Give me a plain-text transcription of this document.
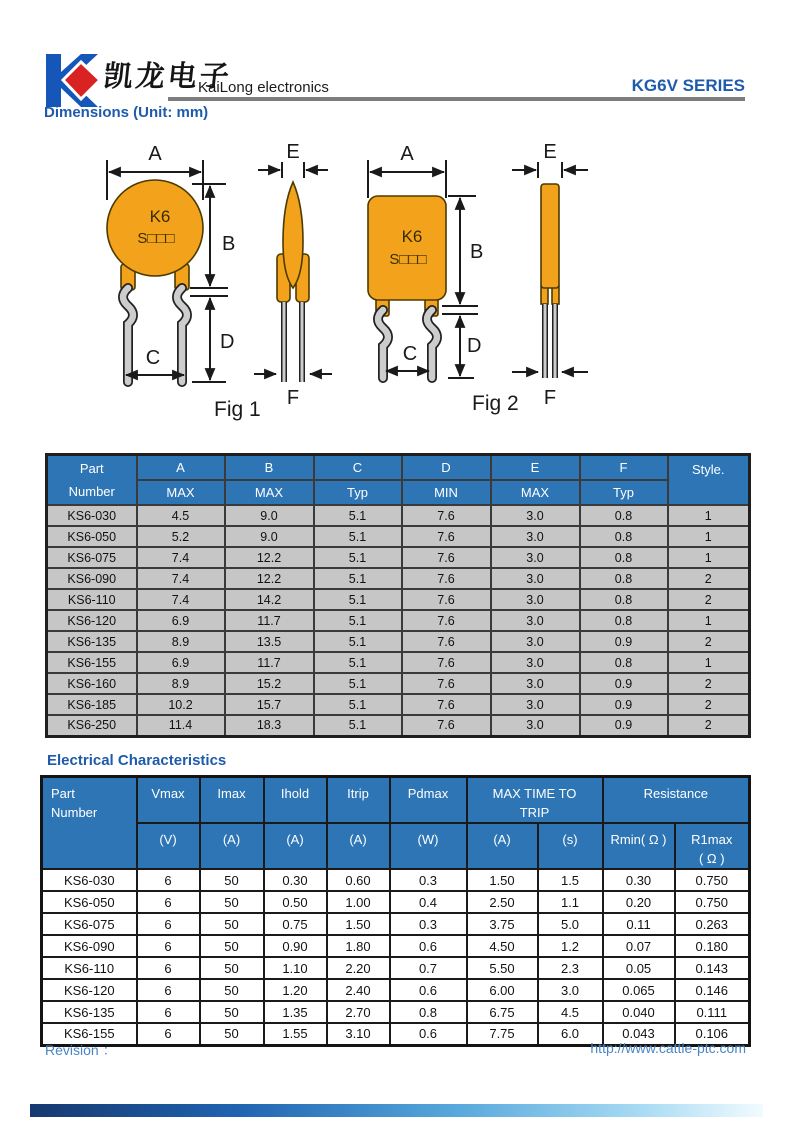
凯龙电子
KaiLong electronics	KG6V SERIES
Dimensions (Unit: mm)
A
K6
S□□□ B
D
C
Fig 1
E
F
A
K6
S□□□ B
D
C
Fig 2
E
F
Part
Number	A	B	C	D	E	F	Style.
	MAX	MAX	Typ	MIN	MAX	Typ	
KS6-030	4.5	9.0	5.1	7.6	3.0	0.8	1
KS6-050	5.2	9.0	5.1	7.6	3.0	0.8	1
KS6-075	7.4	12.2	5.1	7.6	3.0	0.8	1
KS6-090	7.4	12.2	5.1	7.6	3.0	0.8	2
KS6-110	7.4	14.2	5.1	7.6	3.0	0.8	2
KS6-120	6.9	11.7	5.1	7.6	3.0	0.8	1
KS6-135	8.9	13.5	5.1	7.6	3.0	0.9	2
KS6-155	6.9	11.7	5.1	7.6	3.0	0.8	1
KS6-160	8.9	15.2	5.1	7.6	3.0	0.9	2
KS6-185	10.2	15.7	5.1	7.6	3.0	0.9	2
KS6-250	11.4	18.3	5.1	7.6	3.0	0.9	2
Electrical Characteristics
Part
Number	Vmax	Imax	Ihold	Itrip	Pdmax	MAX TIME TO
TRIP		Resistance	
	(V)	(A)	(A)	(A)	(W)	(A)	(s)	Rmin( Ω )	R1max
( Ω )
KS6-030	6	50	0.30	0.60	0.3	1.50	1.5	0.30	0.750
KS6-050	6	50	0.50	1.00	0.4	2.50	1.1	0.20	0.750
KS6-075	6	50	0.75	1.50	0.3	3.75	5.0	0.11	0.263
KS6-090	6	50	0.90	1.80	0.6	4.50	1.2	0.07	0.180
KS6-110	6	50	1.10	2.20	0.7	5.50	2.3	0.05	0.143
KS6-120	6	50	1.20	2.40	0.6	6.00	3.0	0.065	0.146
KS6-135	6	50	1.35	2.70	0.8	6.75	4.5	0.040	0.111
KS6-155	6	50	1.55	3.10	0.6	7.75	6.0	0.043	0.106
Revision ：	http://www.cattle-ptc.com
